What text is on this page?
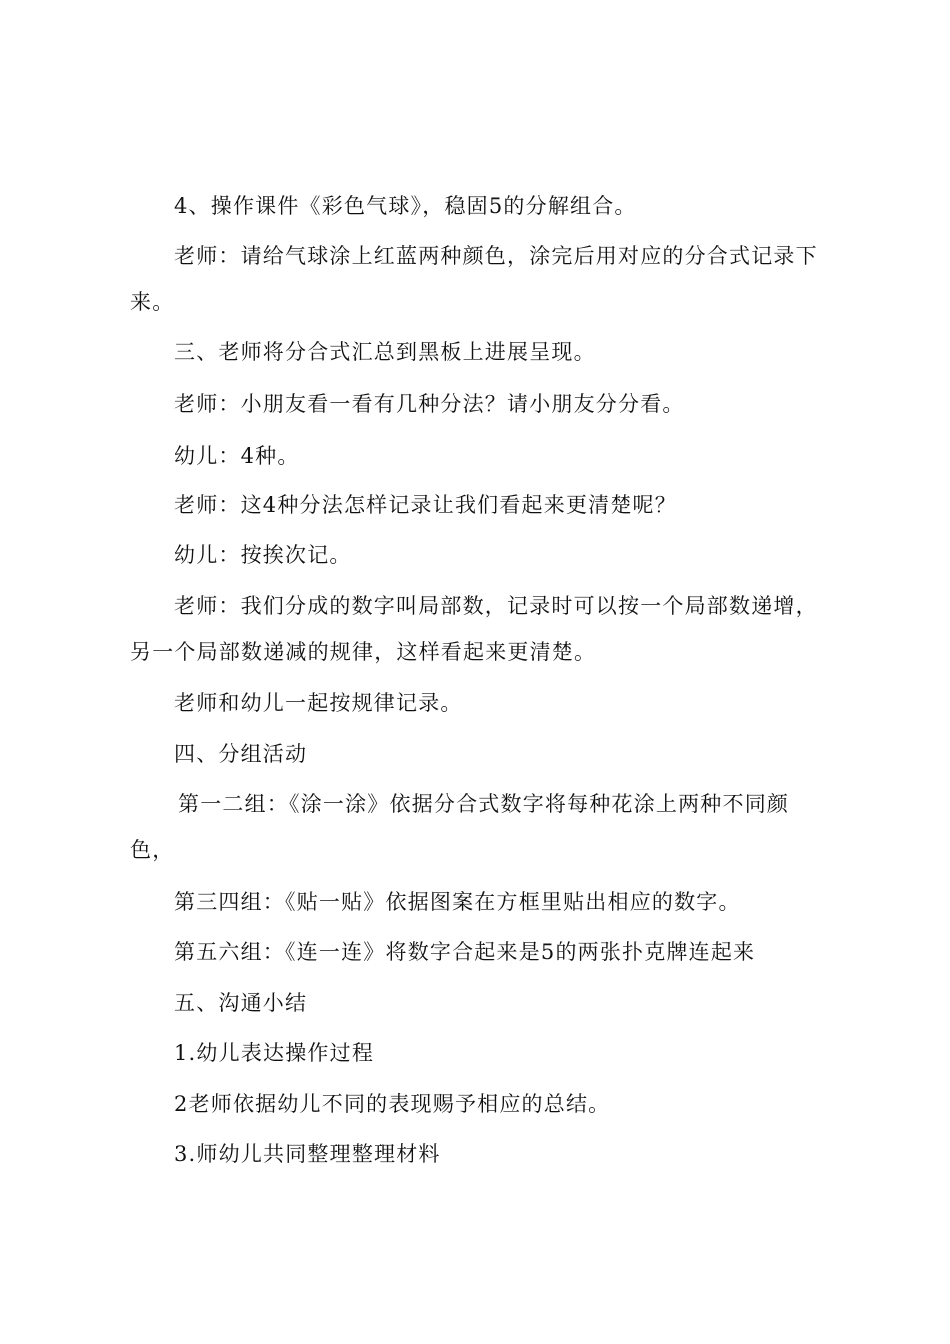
4、操作课件《彩色气球》，稳固5的分解组合。

老师：请给气球涂上红蓝两种颜色，涂完后用对应的分合式记录下来。

三、老师将分合式汇总到黑板上进展呈现。

老师：小朋友看一看有几种分法？请小朋友分分看。

幼儿：4种。

老师：这4种分法怎样记录让我们看起来更清楚呢？

幼儿：按挨次记。

老师：我们分成的数字叫局部数，记录时可以按一个局部数递增，另一个局部数递减的规律，这样看起来更清楚。

老师和幼儿一起按规律记录。

四、分组活动

第一二组：《涂一涂》依据分合式数字将每种花涂上两种不同颜色，

第三四组：《贴一贴》依据图案在方框里贴出相应的数字。

第五六组：《连一连》将数字合起来是5的两张扑克牌连起来

五、沟通小结

1.幼儿表达操作过程

2老师依据幼儿不同的表现赐予相应的总结。

3.师幼儿共同整理整理材料
